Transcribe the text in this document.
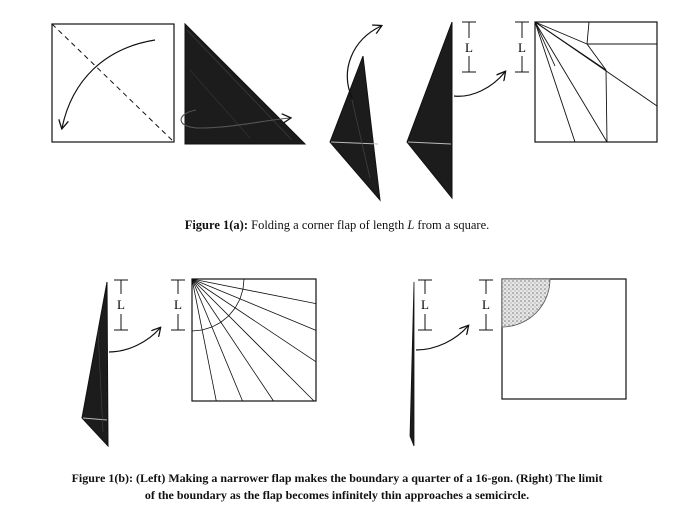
L	L
L	L	L	L
Figure 1(a): Folding a corner flap of length L from a square.
Figure 1(b): (Left) Making a narrower flap makes the boundary a quarter of a 16-gon. (Right) The limit
of the boundary as the flap becomes infinitely thin approaches a semicircle.
